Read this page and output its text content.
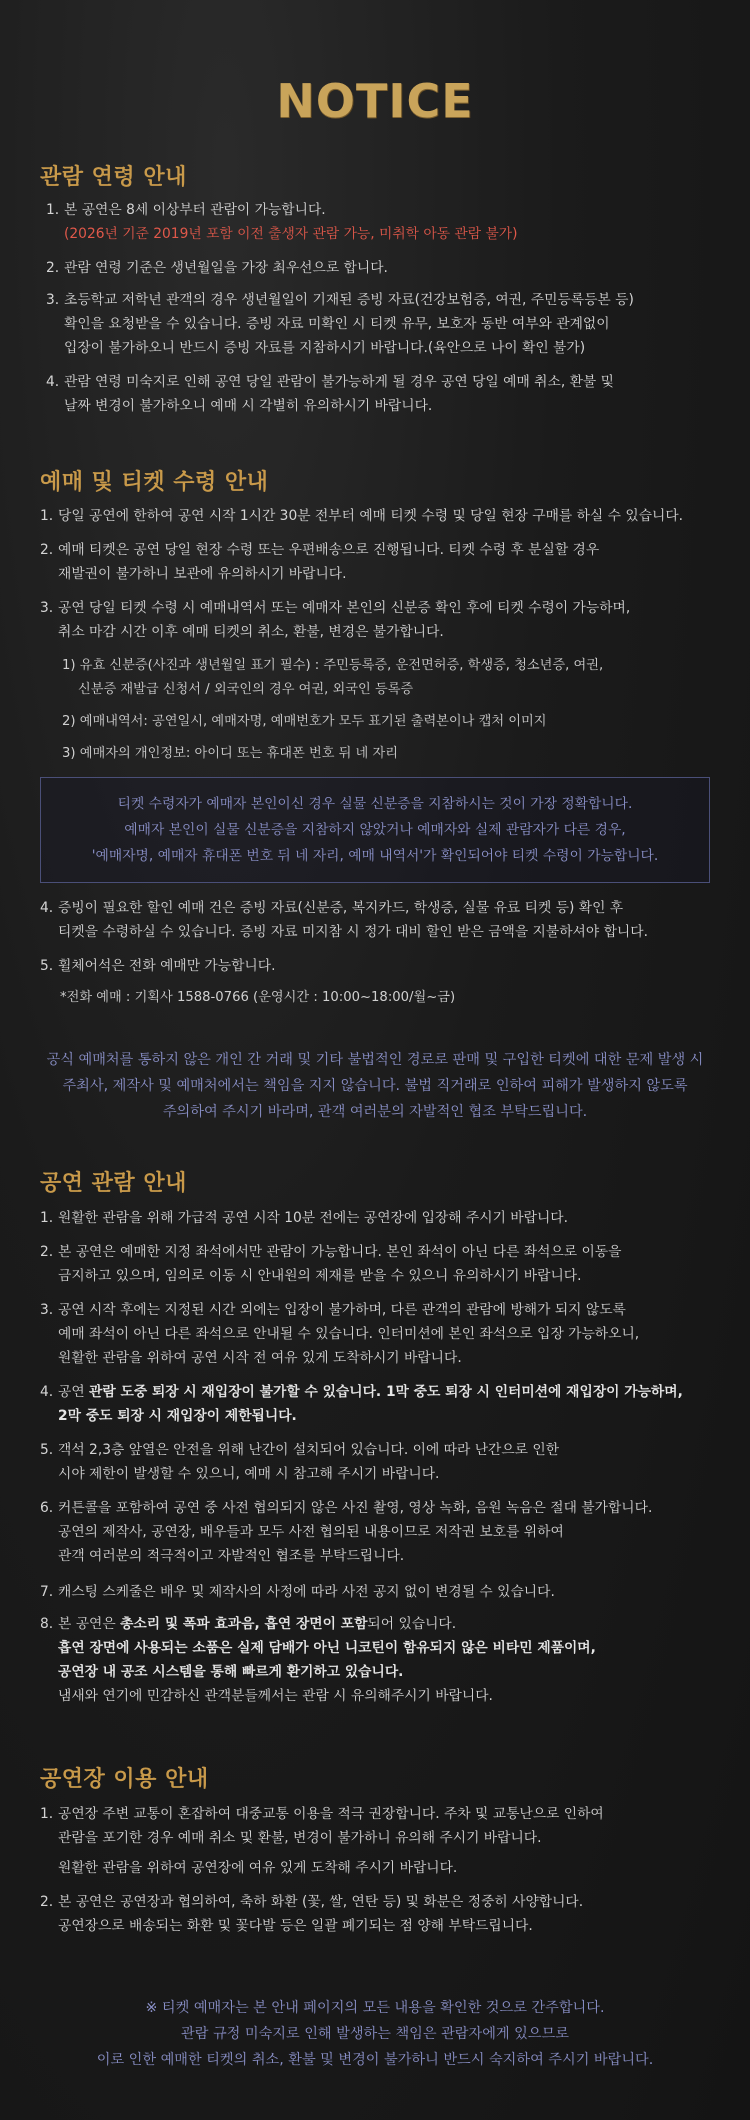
NOTICE
관람 연령 안내
1. 본 공연은 8세 이상부터 관람이 가능합니다.
(2026년 기준 2019년 포함 이전 출생자 관람 가능, 미취학 아동 관람 불가)
2. 관람 연령 기준은 생년월일을 가장 최우선으로 합니다.
3. 초등학교 저학년 관객의 경우 생년월일이 기재된 증빙 자료(건강보험증, 여권, 주민등록등본 등)
확인을 요청받을 수 있습니다. 증빙 자료 미확인 시 티켓 유무, 보호자 동반 여부와 관계없이
입장이 불가하오니 반드시 증빙 자료를 지참하시기 바랍니다.(육안으로 나이 확인 불가)
4. 관람 연령 미숙지로 인해 공연 당일 관람이 불가능하게 될 경우 공연 당일 예매 취소, 환불 및
날짜 변경이 불가하오니 예매 시 각별히 유의하시기 바랍니다.
예매 및 티켓 수령 안내
1. 당일 공연에 한하여 공연 시작 1시간 30분 전부터 예매 티켓 수령 및 당일 현장 구매를 하실 수 있습니다.
2. 예매 티켓은 공연 당일 현장 수령 또는 우편배송으로 진행됩니다. 티켓 수령 후 분실할 경우
재발권이 불가하니 보관에 유의하시기 바랍니다.
3. 공연 당일 티켓 수령 시 예매내역서 또는 예매자 본인의 신분증 확인 후에 티켓 수령이 가능하며,
취소 마감 시간 이후 예매 티켓의 취소, 환불, 변경은 불가합니다.
1) 유효 신분증(사진과 생년월일 표기 필수) : 주민등록증, 운전면허증, 학생증, 청소년증, 여권,
신분증 재발급 신청서 / 외국인의 경우 여권, 외국인 등록증
2) 예매내역서: 공연일시, 예매자명, 예매번호가 모두 표기된 출력본이나 캡처 이미지
3) 예매자의 개인정보: 아이디 또는 휴대폰 번호 뒤 네 자리
티켓 수령자가 예매자 본인이신 경우 실물 신분증을 지참하시는 것이 가장 정확합니다.
예매자 본인이 실물 신분증을 지참하지 않았거나 예매자와 실제 관람자가 다른 경우,
'예매자명, 예매자 휴대폰 번호 뒤 네 자리, 예매 내역서'가 확인되어야 티켓 수령이 가능합니다.
4. 증빙이 필요한 할인 예매 건은 증빙 자료(신분증, 복지카드, 학생증, 실물 유료 티켓 등) 확인 후
티켓을 수령하실 수 있습니다. 증빙 자료 미지참 시 정가 대비 할인 받은 금액을 지불하셔야 합니다.
5. 휠체어석은 전화 예매만 가능합니다.
*전화 예매 : 기획사 1588-0766 (운영시간 : 10:00~18:00/월~금)
공식 예매처를 통하지 않은 개인 간 거래 및 기타 불법적인 경로로 판매 및 구입한 티켓에 대한 문제 발생 시
주최사, 제작사 및 예매처에서는 책임을 지지 않습니다. 불법 직거래로 인하여 피해가 발생하지 않도록
주의하여 주시기 바라며, 관객 여러분의 자발적인 협조 부탁드립니다.
공연 관람 안내
1. 원활한 관람을 위해 가급적 공연 시작 10분 전에는 공연장에 입장해 주시기 바랍니다.
2. 본 공연은 예매한 지정 좌석에서만 관람이 가능합니다. 본인 좌석이 아닌 다른 좌석으로 이동을
금지하고 있으며, 임의로 이동 시 안내원의 제재를 받을 수 있으니 유의하시기 바랍니다.
3. 공연 시작 후에는 지정된 시간 외에는 입장이 불가하며, 다른 관객의 관람에 방해가 되지 않도록
예매 좌석이 아닌 다른 좌석으로 안내될 수 있습니다. 인터미션에 본인 좌석으로 입장 가능하오니,
원활한 관람을 위하여 공연 시작 전 여유 있게 도착하시기 바랍니다.
4. 공연 관람 도중 퇴장 시 재입장이 불가할 수 있습니다. 1막 중도 퇴장 시 인터미션에 재입장이 가능하며,
2막 중도 퇴장 시 재입장이 제한됩니다.
5. 객석 2,3층 앞열은 안전을 위해 난간이 설치되어 있습니다. 이에 따라 난간으로 인한
시야 제한이 발생할 수 있으니, 예매 시 참고해 주시기 바랍니다.
6. 커튼콜을 포함하여 공연 중 사전 협의되지 않은 사진 촬영, 영상 녹화, 음원 녹음은 절대 불가합니다.
공연의 제작사, 공연장, 배우들과 모두 사전 협의된 내용이므로 저작권 보호를 위하여
관객 여러분의 적극적이고 자발적인 협조를 부탁드립니다.
7. 캐스팅 스케줄은 배우 및 제작사의 사정에 따라 사전 공지 없이 변경될 수 있습니다.
8. 본 공연은 총소리 및 폭파 효과음, 흡연 장면이 포함되어 있습니다.
흡연 장면에 사용되는 소품은 실제 담배가 아닌 니코틴이 함유되지 않은 비타민 제품이며,
공연장 내 공조 시스템을 통해 빠르게 환기하고 있습니다.
냄새와 연기에 민감하신 관객분들께서는 관람 시 유의해주시기 바랍니다.
공연장 이용 안내
1. 공연장 주변 교통이 혼잡하여 대중교통 이용을 적극 권장합니다. 주차 및 교통난으로 인하여
관람을 포기한 경우 예매 취소 및 환불, 변경이 불가하니 유의해 주시기 바랍니다.
원활한 관람을 위하여 공연장에 여유 있게 도착해 주시기 바랍니다.
2. 본 공연은 공연장과 협의하여, 축하 화환 (꽃, 쌀, 연탄 등) 및 화분은 정중히 사양합니다.
공연장으로 배송되는 화환 및 꽃다발 등은 일괄 폐기되는 점 양해 부탁드립니다.
※ 티켓 예매자는 본 안내 페이지의 모든 내용을 확인한 것으로 간주합니다.
관람 규정 미숙지로 인해 발생하는 책임은 관람자에게 있으므로
이로 인한 예매한 티켓의 취소, 환불 및 변경이 불가하니 반드시 숙지하여 주시기 바랍니다.
